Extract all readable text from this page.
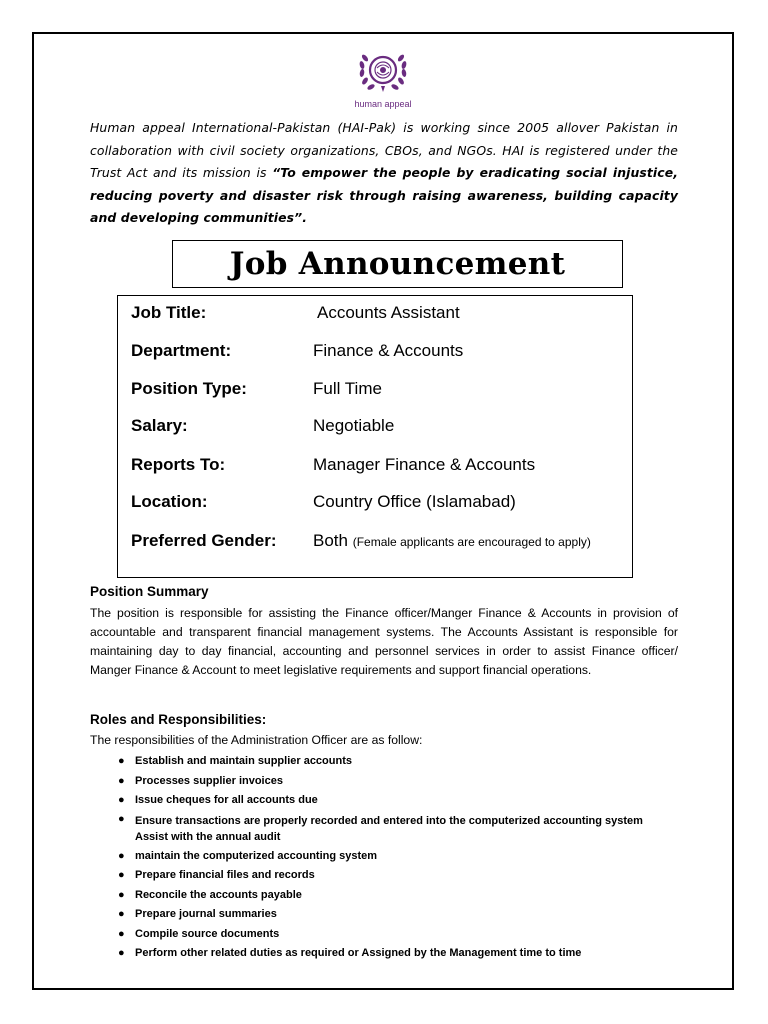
human appeal
Human appeal International-Pakistan (HAI-Pak) is working since 2005 allover Pakistan in collaboration with civil society organizations, CBOs, and NGOs. HAI is registered under the Trust Act and its mission is “To empower the people by eradicating social injustice, reducing poverty and disaster risk through raising awareness, building capacity and developing communities”.
Job Announcement
Job Title:	Accounts Assistant
Department:	Finance & Accounts
Position Type:	Full Time
Salary:	Negotiable
Reports To:	Manager Finance & Accounts
Location:	Country Office (Islamabad)
Preferred Gender: Both (Female applicants are encouraged to apply)
Position Summary
The position is responsible for assisting the Finance officer/Manger Finance & Accounts in provision of accountable and transparent financial management systems. The Accounts Assistant is responsible for maintaining day to day financial, accounting and personnel services in order to assist Finance officer/ Manger Finance & Account to meet legislative requirements and support financial operations.
Roles and Responsibilities:
The responsibilities of the Administration Officer are as follow:
● Establish and maintain supplier accounts
● Processes supplier invoices
● Issue cheques for all accounts due
● Ensure transactions are properly recorded and entered into the computerized accounting system Assist with the annual audit
● maintain the computerized accounting system
● Prepare financial files and records
● Reconcile the accounts payable
● Prepare journal summaries
● Compile source documents
● Perform other related duties as required or Assigned by the Management time to time
